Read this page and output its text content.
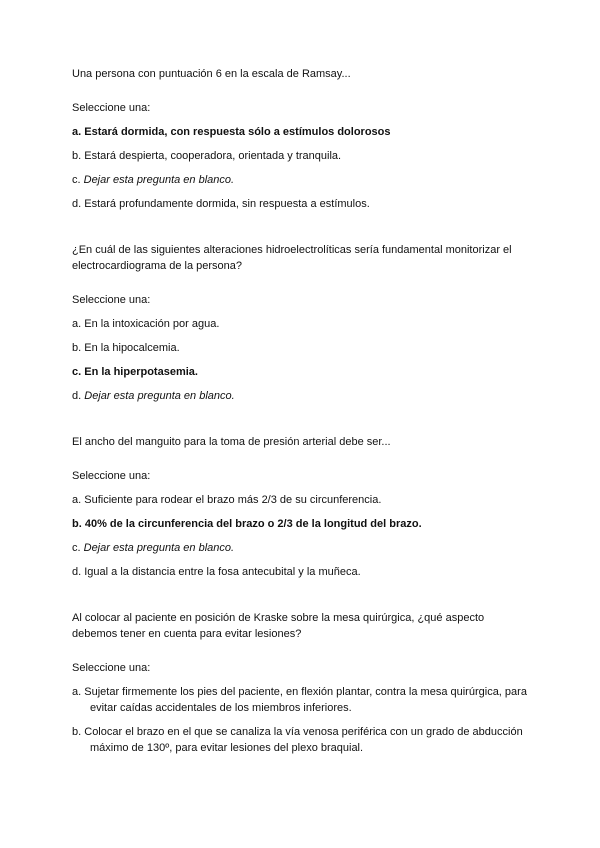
Una persona con puntuación 6 en la escala de Ramsay...
Seleccione una:
a. Estará dormida, con respuesta sólo a estímulos dolorosos
b. Estará despierta, cooperadora, orientada y tranquila.
c. Dejar esta pregunta en blanco.
d. Estará profundamente dormida, sin respuesta a estímulos.
¿En cuál de las siguientes alteraciones hidroelectrolíticas sería fundamental monitorizar el electrocardiograma de la persona?
Seleccione una:
a. En la intoxicación por agua.
b. En la hipocalcemia.
c. En la hiperpotasemia.
d. Dejar esta pregunta en blanco.
El ancho del manguito para la toma de presión arterial debe ser...
Seleccione una:
a. Suficiente para rodear el brazo más 2/3 de su circunferencia.
b. 40% de la circunferencia del brazo o 2/3 de la longitud del brazo.
c. Dejar esta pregunta en blanco.
d. Igual a la distancia entre la fosa antecubital y la muñeca.
Al colocar al paciente en posición de Kraske sobre la mesa quirúrgica, ¿qué aspecto debemos tener en cuenta para evitar lesiones?
Seleccione una:
a. Sujetar firmemente los pies del paciente, en flexión plantar, contra la mesa quirúrgica, para evitar caídas accidentales de los miembros inferiores.
b. Colocar el brazo en el que se canaliza la vía venosa periférica con un grado de abducción máximo de 130º, para evitar lesiones del plexo braquial.
